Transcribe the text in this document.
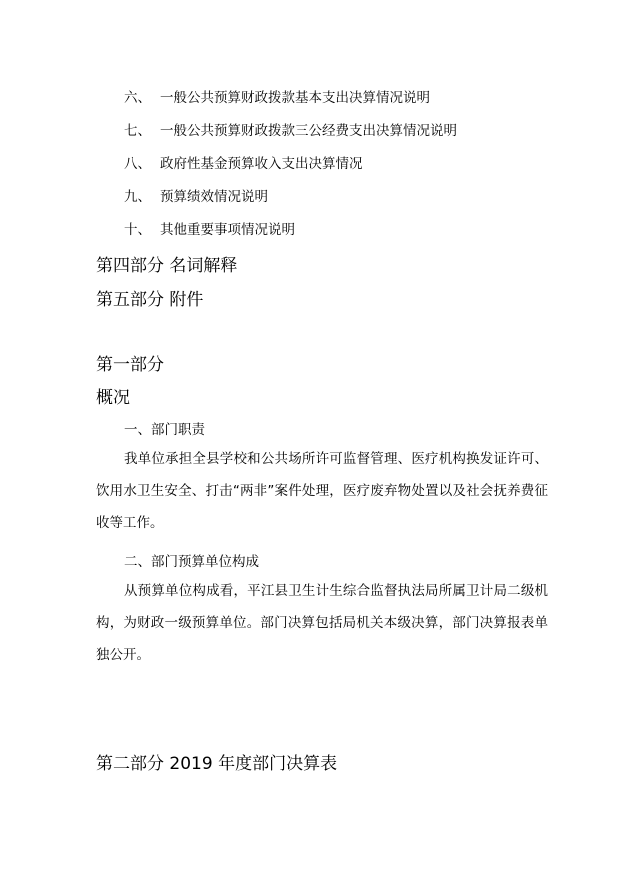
六、 一般公共预算财政拨款基本支出决算情况说明
七、 一般公共预算财政拨款三公经费支出决算情况说明
八、 政府性基金预算收入支出决算情况
九、 预算绩效情况说明
十、 其他重要事项情况说明
第四部分 名词解释
第五部分 附件
第一部分
概况
一、部门职责

我单位承担全县学校和公共场所许可监督管理、医疗机构换发证许可、饮用水卫生安全、打击“两非”案件处理，医疗废弃物处置以及社会抚养费征收等工作。

二、部门预算单位构成

从预算单位构成看，平江县卫生计生综合监督执法局所属卫计局二级机构，为财政一级预算单位。部门决算包括局机关本级决算，部门决算报表单独公开。

第二部分 2019 年度部门决算表
